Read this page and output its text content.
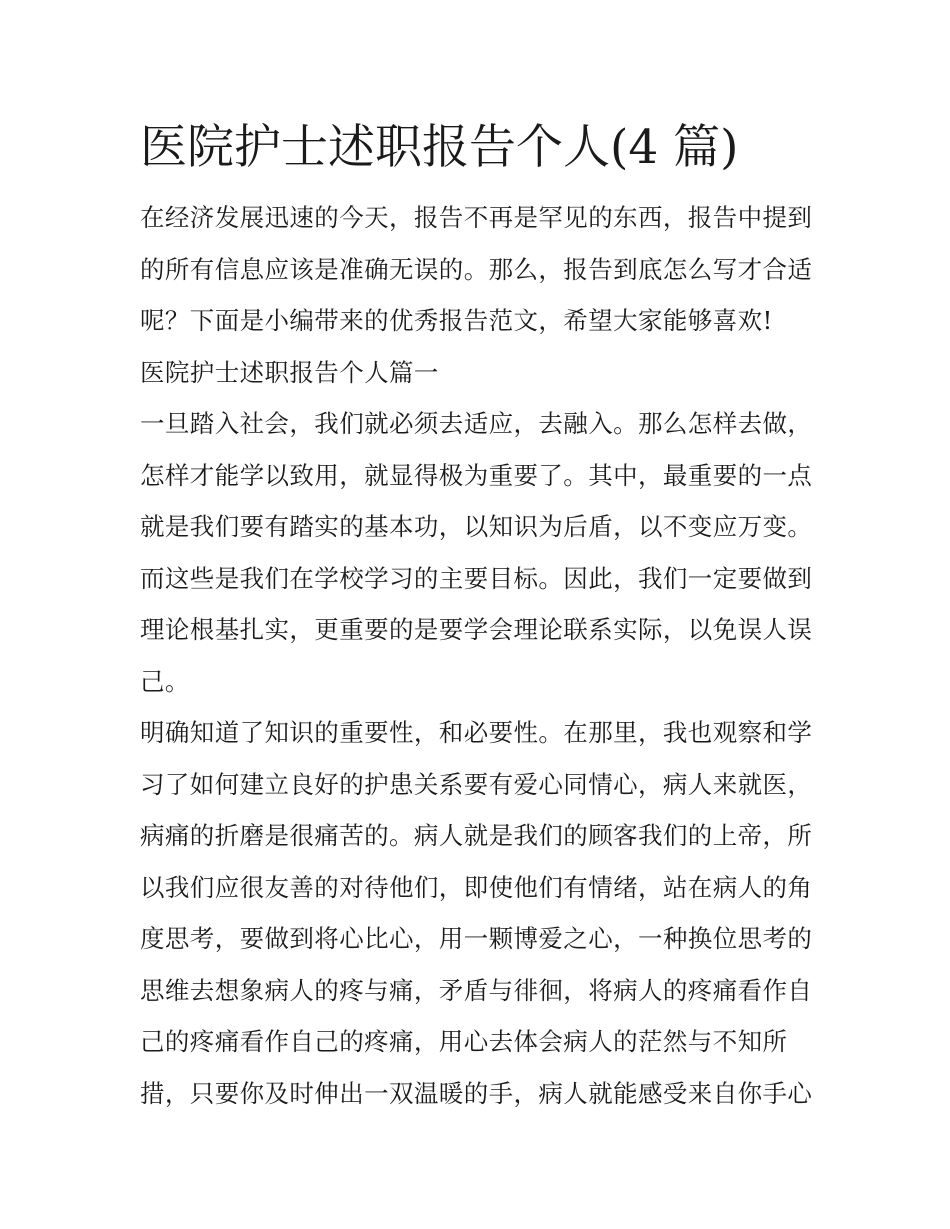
医院护士述职报告个人(4 篇)
在经济发展迅速的今天，报告不再是罕见的东西，报告中提到
的所有信息应该是准确无误的。那么，报告到底怎么写才合适
呢？下面是小编带来的优秀报告范文，希望大家能够喜欢!
医院护士述职报告个人篇一
一旦踏入社会，我们就必须去适应，去融入。那么怎样去做，
怎样才能学以致用，就显得极为重要了。其中，最重要的一点
就是我们要有踏实的基本功，以知识为后盾，以不变应万变。
而这些是我们在学校学习的主要目标。因此，我们一定要做到
理论根基扎实，更重要的是要学会理论联系实际，以免误人误
己。
明确知道了知识的重要性，和必要性。在那里，我也观察和学
习了如何建立良好的护患关系要有爱心同情心，病人来就医，
病痛的折磨是很痛苦的。病人就是我们的顾客我们的上帝，所
以我们应很友善的对待他们，即使他们有情绪，站在病人的角
度思考，要做到将心比心，用一颗博爱之心，一种换位思考的
思维去想象病人的疼与痛，矛盾与徘徊，将病人的疼痛看作自
己的疼痛看作自己的疼痛，用心去体会病人的茫然与不知所
措，只要你及时伸出一双温暖的手，病人就能感受来自你手心
